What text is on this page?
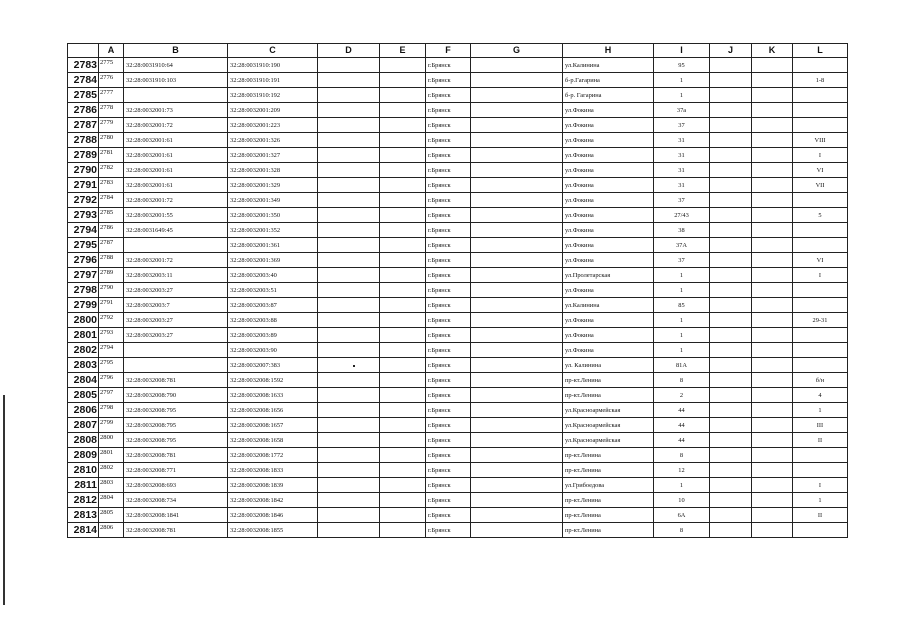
	A	B	C	D	E	F	G	H	I	J	K	L
2783	2775	32:28:0031910:64	32:28:0031910:190			г.Брянск		ул.Калинина	95			
2784	2776	32:28:0031910:103	32:28:0031910:191			г.Брянск		б-р.Гагарина	1			1-8
2785	2777		32:28:0031910:192			г.Брянск		б-р. Гагарина	1			
2786	2778	32:28:0032001:73	32:28:0032001:209			г.Брянск		ул.Фокина	37а			
2787	2779	32:28:0032001:72	32:28:0032001:223			г.Брянск		ул.Фокина	37			
2788	2780	32:28:0032001:61	32:28:0032001:326			г.Брянск		ул.Фокина	31			VIII
2789	2781	32:28:0032001:61	32:28:0032001:327			г.Брянск		ул.Фокина	31			I
2790	2782	32:28:0032001:61	32:28:0032001:328			г.Брянск		ул.Фокина	31			VI
2791	2783	32:28:0032001:61	32:28:0032001:329			г.Брянск		ул.Фокина	31			VII
2792	2784	32:28:0032001:72	32:28:0032001:349			г.Брянск		ул.Фокина	37			
2793	2785	32:28:0032001:55	32:28:0032001:350			г.Брянск		ул.Фокина	27/43			5
2794	2786	32:28:0031649:45	32:28:0032001:352			г.Брянск		ул.Фокина	38			
2795	2787		32:28:0032001:361			г.Брянск		ул.Фокина	37А			
2796	2788	32:28:0032001:72	32:28:0032001:369			г.Брянск		ул.Фокина	37			VI
2797	2789	32:28:0032003:11	32:28:0032003:40			г.Брянск		ул.Пролетарская	1			I
2798	2790	32:28:0032003:27	32:28:0032003:51			г.Брянск		ул.Фокина	1			
2799	2791	32:28:0032003:7	32:28:0032003:87			г.Брянск		ул.Калинина	85			
2800	2792	32:28:0032003:27	32:28:0032003:88			г.Брянск		ул.Фокина	1			29-31
2801	2793	32:28:0032003:27	32:28:0032003:89			г.Брянск		ул.Фокина	1			
2802	2794		32:28:0032003:90			г.Брянск		ул.Фокина	1			
2803	2795		32:28:0032007:383			г.Брянск		ул. Калинина	81А			
2804	2796	32:28:0032008:781	32:28:0032008:1592			г.Брянск		пр-кт.Ленина	8			б/н
2805	2797	32:28:0032008:790	32:28:0032008:1633			г.Брянск		пр-кт.Ленина	2			4
2806	2798	32:28:0032008:795	32:28:0032008:1656			г.Брянск		ул.Красноармейская	44			1
2807	2799	32:28:0032008:795	32:28:0032008:1657			г.Брянск		ул.Красноармейская	44			III
2808	2800	32:28:0032008:795	32:28:0032008:1658			г.Брянск		ул.Красноармейская	44			II
2809	2801	32:28:0032008:781	32:28:0032008:1772			г.Брянск		пр-кт.Ленина	8			
2810	2802	32:28:0032008:771	32:28:0032008:1833			г.Брянск		пр-кт.Ленина	12			
2811	2803	32:28:0032008:693	32:28:0032008:1839			г.Брянск		ул.Грибоедова	1			I
2812	2804	32:28:0032008:734	32:28:0032008:1842			г.Брянск		пр-кт.Ленина	10			1
2813	2805	32:28:0032008:1841	32:28:0032008:1846			г.Брянск		пр-кт.Ленина	6А			II
2814	2806	32:28:0032008:781	32:28:0032008:1855			г.Брянск		пр-кт.Ленина	8			
